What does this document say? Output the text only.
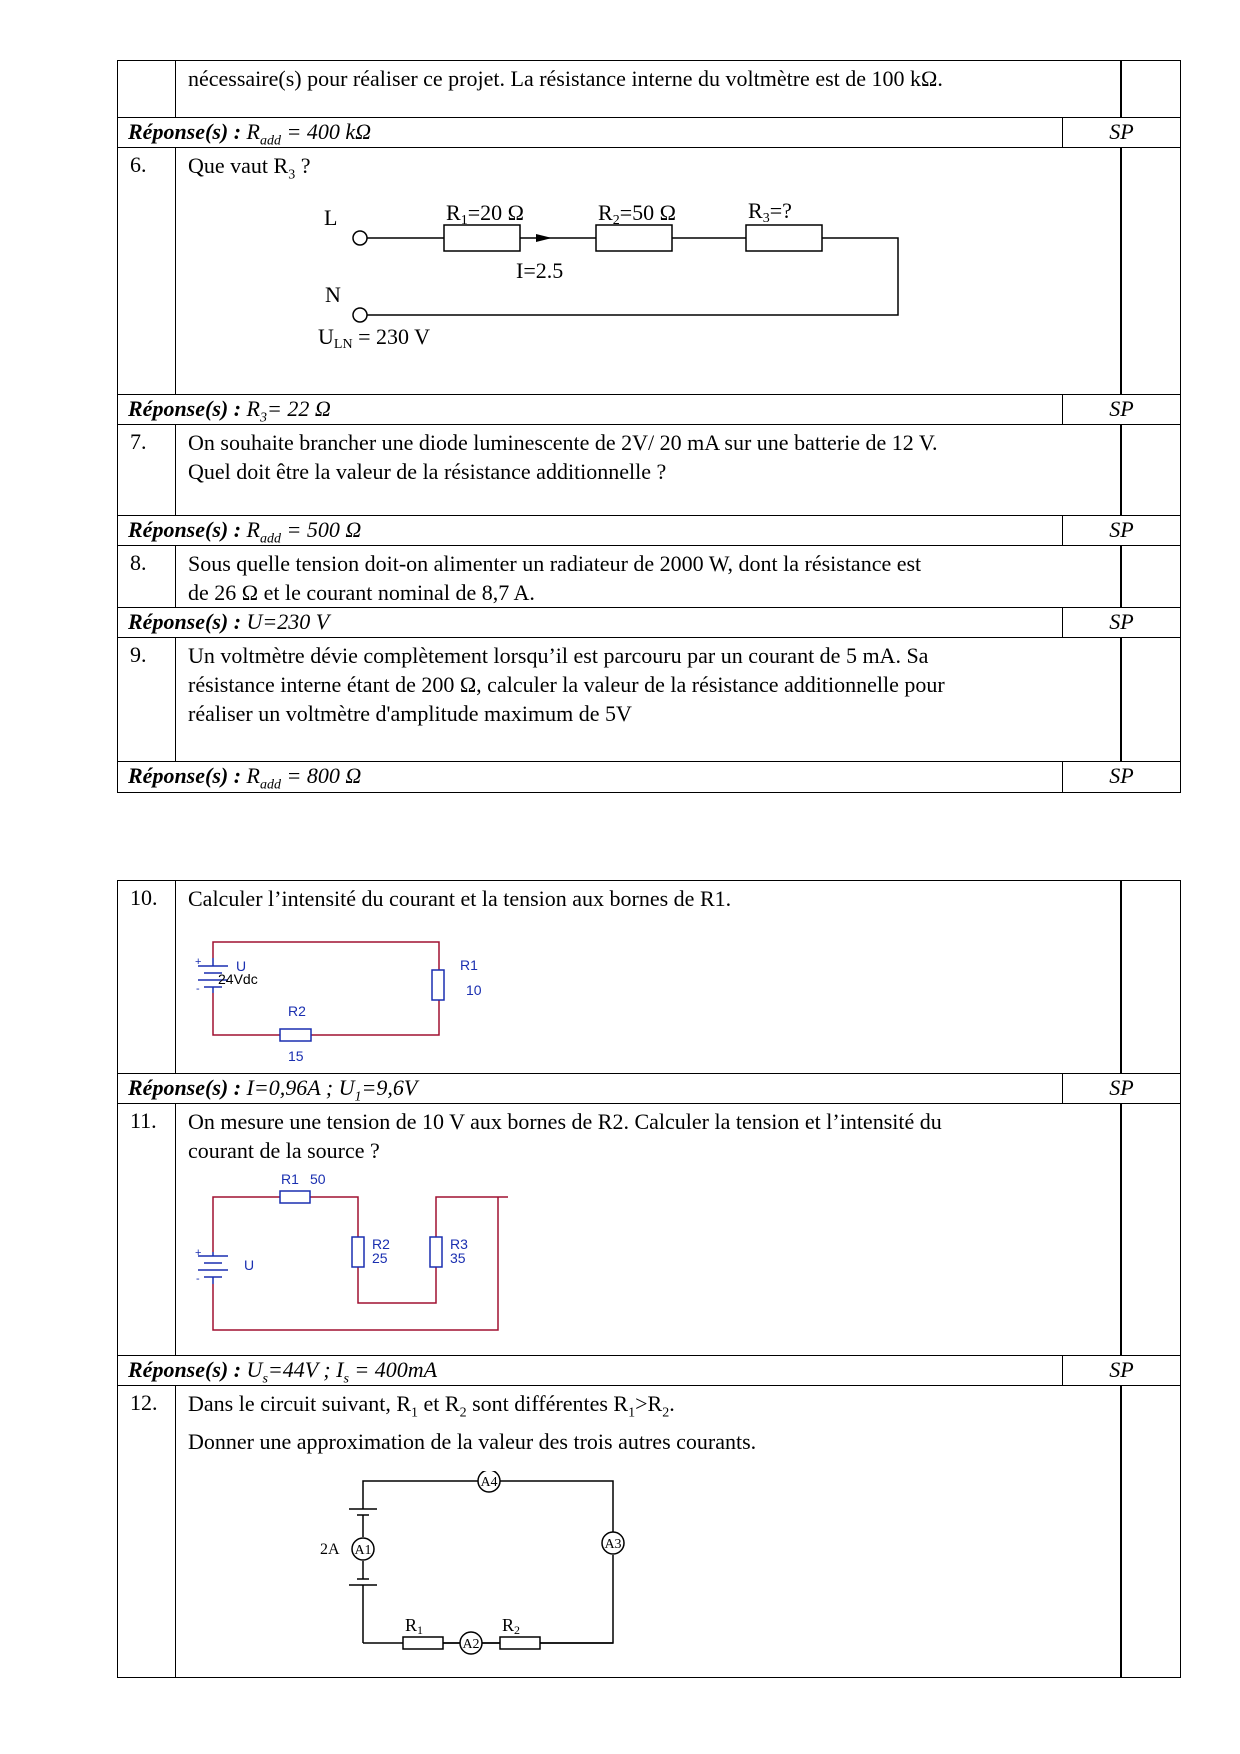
nécessaire(s) pour réaliser ce projet. La résistance interne du voltmètre est de 100 kΩ.
Réponse(s) : $R_{add} = 400$ kΩ	SP
6.	Que vaut $R_3$ ?
L
N
R1=20 Ω	R2=50 Ω	R3=?
I=2.5
ULN = 230 V
Réponse(s) : $R_3= 22$ Ω	SP
7.	On souhaite brancher une diode luminescente de 2V/ 20 mA sur une batterie de 12 V.
Quel doit être la valeur de la résistance additionnelle ?
Réponse(s) : $R_{add} = 500$ Ω	SP
8.	Sous quelle tension doit-on alimenter un radiateur de 2000 W, dont la résistance est
de 26 Ω et le courant nominal de 8,7 A.
Réponse(s) : U=230 V	SP
9.	Un voltmètre dévie complètement lorsqu’il est parcouru par un courant de 5 mA. Sa
résistance interne étant de 200 Ω, calculer la valeur de la résistance additionnelle pour
réaliser un voltmètre d'amplitude maximum de 5V
Réponse(s) : $R_{add} = 800$ Ω	SP
10.	Calculer l’intensité du courant et la tension aux bornes de R1.
+
-
U
24Vdc
R1
10
R2
15
Réponse(s) : I=0,96A ; $U_1=9,6V$	SP
11.	On mesure une tension de 10 V aux bornes de R2. Calculer la tension et l’intensité du
courant de la source ?
+
-
R1 50
U
R2
25
R3
35
Réponse(s) : $U_s=44V$ ; $I_s = 400mA$	SP
12.	Dans le circuit suivant, $R_1$ et $R_2$ sont différentes $R_1>R_2$.
Donner une approximation de la valeur des trois autres courants.
A1
2A
A4
A3
A2
R1	R2
